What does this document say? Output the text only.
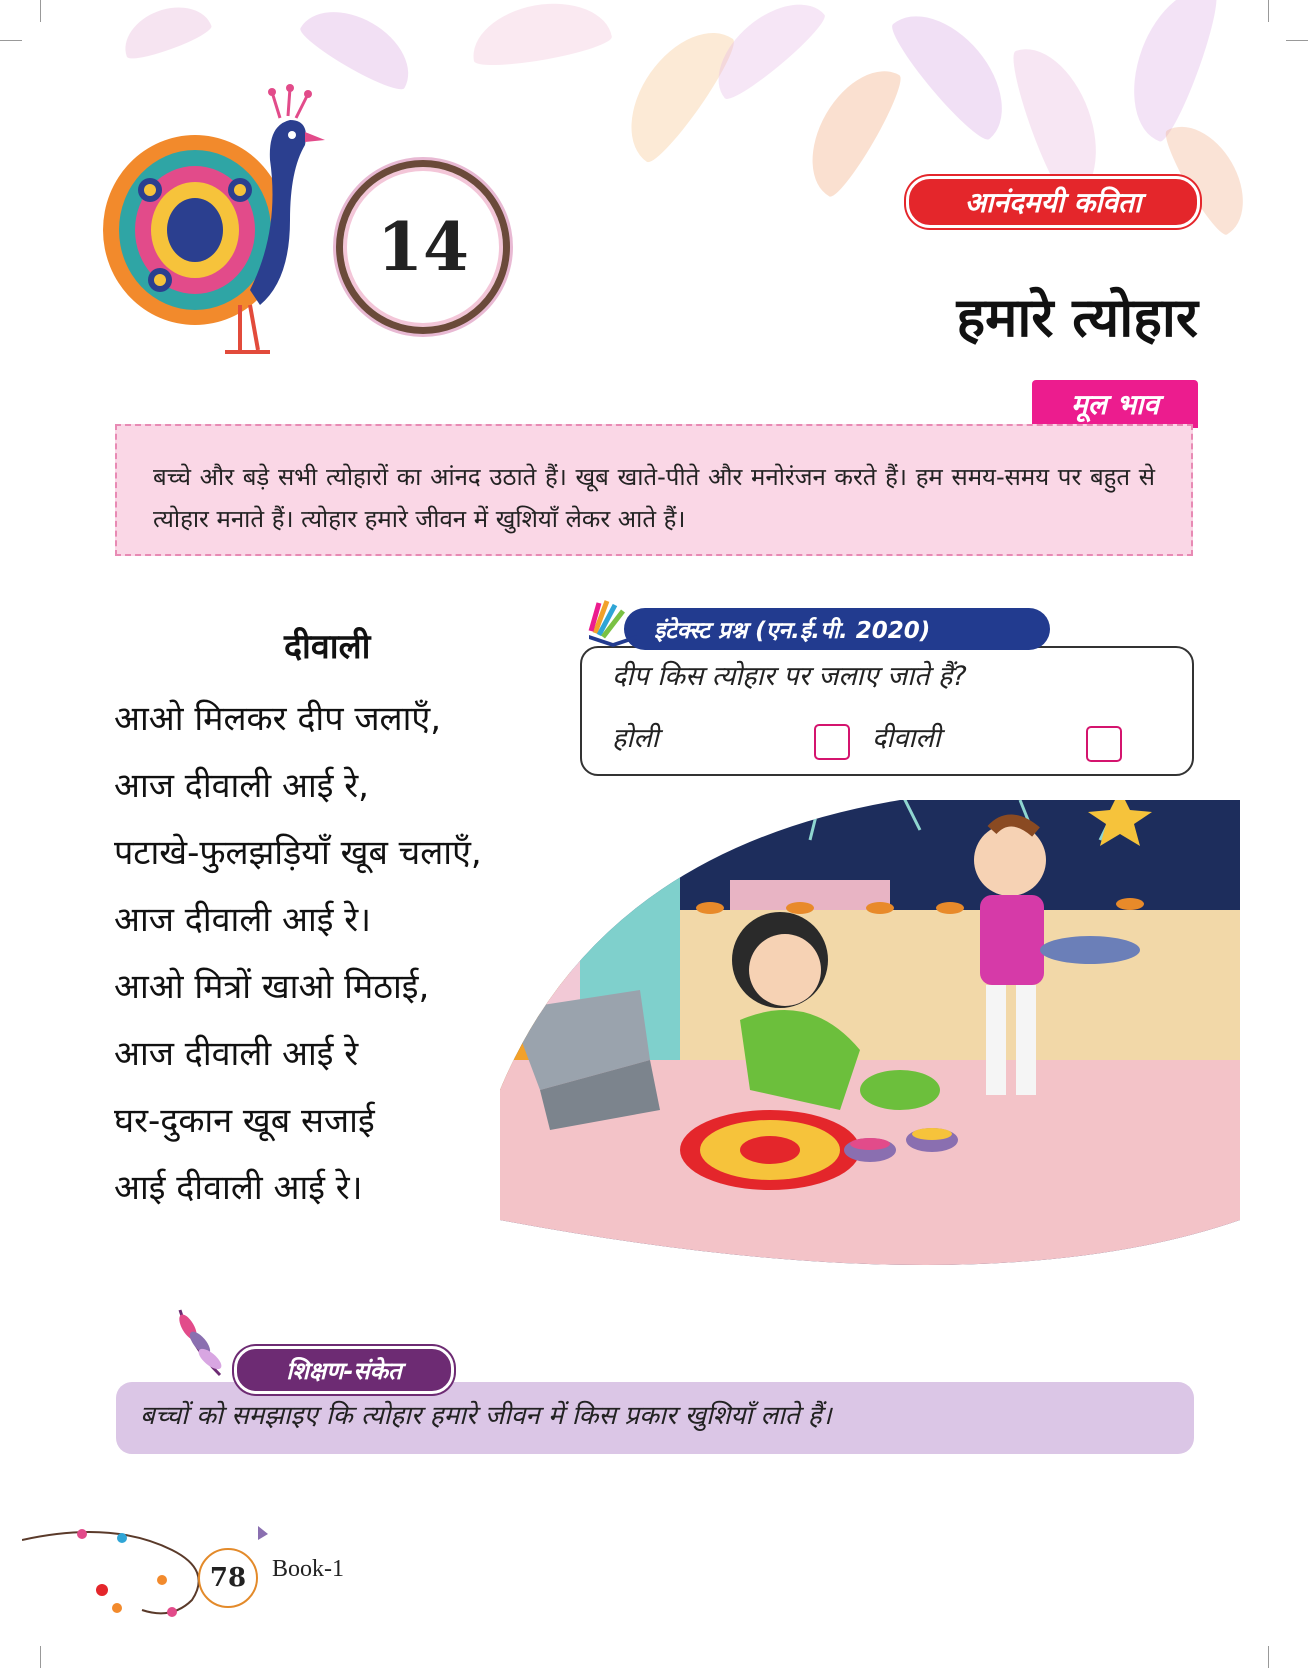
14
आनंदमयी कविता
हमारे त्योहार
मूल भाव
बच्चे और बड़े सभी त्योहारों का आंनद उठाते हैं। खूब खाते-पीते और मनोरंजन करते हैं। हम समय-समय पर बहुत से त्योहार मनाते हैं। त्योहार हमारे जीवन में खुशियाँ लेकर आते हैं।
दीवाली
आओ मिलकर दीप जलाएँ,
आज दीवाली आई रे,
पटाखे-फुलझड़ियाँ खूब चलाएँ,
आज दीवाली आई रे।
आओ मित्रों खाओ मिठाई,
आज दीवाली आई रे
घर-दुकान खूब सजाई
आई दीवाली आई रे।
इंटेक्स्ट प्रश्न (एन.ई.पी. 2020)
दीप किस त्योहार पर जलाए जाते हैं?
होली	दीवाली
बच्चों को समझाइए कि त्योहार हमारे जीवन में किस प्रकार खुशियाँ लाते हैं।
शिक्षण-संकेत
78	Book-1
